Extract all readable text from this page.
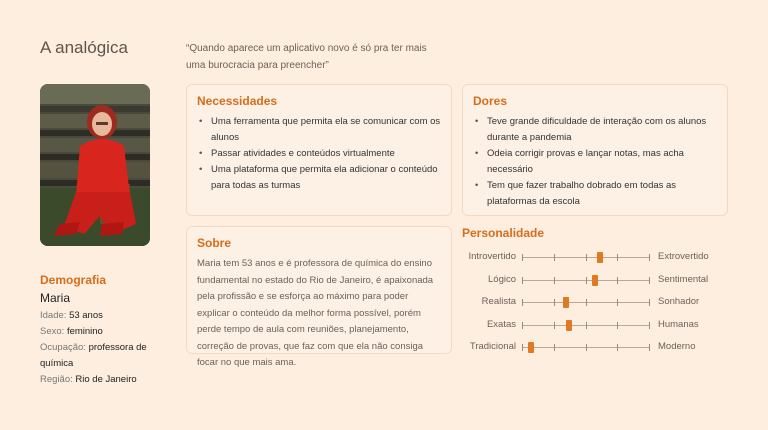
A analógica	“Quando aparece um aplicativo novo é só pra ter mais uma burocracia para preencher”
Demografia
Maria
Idade: 53 anos
Sexo: feminino
Ocupação: professora de química
Região: Rio de Janeiro
Necessidades
• Uma ferramenta que permita ela se comunicar com os alunos
• Passar atividades e conteúdos virtualmente
• Uma plataforma que permita ela adicionar o conteúdo para todas as turmas
Dores
• Teve grande dificuldade de interação com os alunos durante a pandemia
• Odeia corrigir provas e lançar notas, mas acha necessário
• Tem que fazer trabalho dobrado em todas as plataformas da escola
Sobre

Maria tem 53 anos e é professora de química do ensino fundamental no estado do Rio de Janeiro, é apaixonada pela profissão e se esforça ao máximo para poder explicar o conteúdo da melhor forma possível, porém perde tempo de aula com reuniões, planejamento, correção de provas, que faz com que ela não consiga focar no que mais ama.

Personalidade
Introvertido	Extrovertido
Lógico	Sentimental
Realista	Sonhador
Exatas	Humanas
Tradicional	Moderno
